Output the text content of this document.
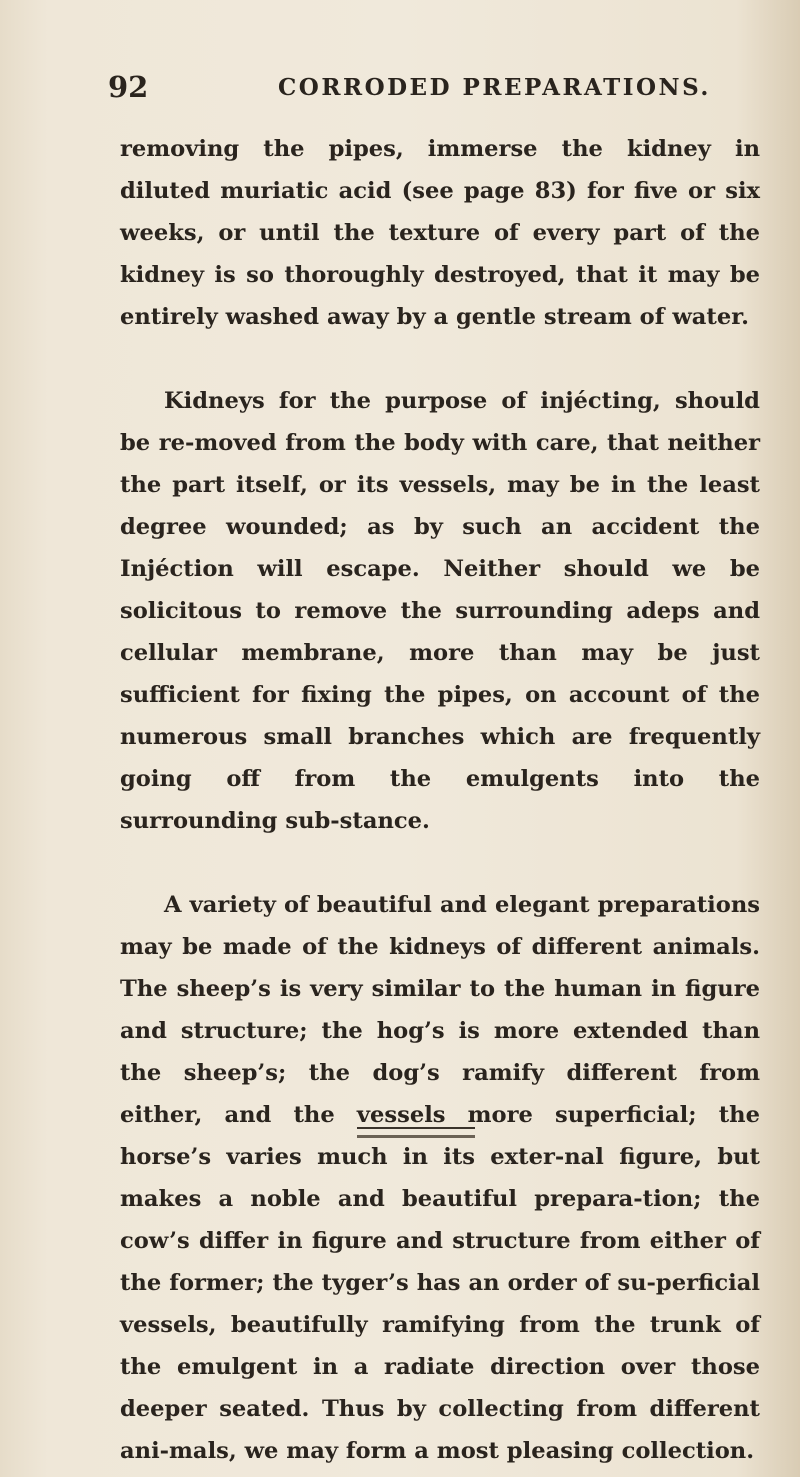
92	CORRODED PREPARATIONS.

removing the pipes, immerse the kidney in diluted muriatic acid (see page 83) for five or six weeks, or until the texture of every part of the kidney is so thoroughly destroyed, that it may be entirely washed away by a gentle stream of water.

Kidneys for the purpose of injécting, should be re-moved from the body with care, that neither the part itself, or its vessels, may be in the least degree wounded; as by such an accident the Injéction will escape. Neither should we be solicitous to remove the surrounding adeps and cellular membrane, more than may be just sufficient for fixing the pipes, on account of the numerous small branches which are frequently going off from the emulgents into the surrounding sub-stance.

A variety of beautiful and elegant preparations may be made of the kidneys of different animals. The sheep’s is very similar to the human in figure and structure; the hog’s is more extended than the sheep’s; the dog’s ramify different from either, and the vessels more superficial; the horse’s varies much in its exter-nal figure, but makes a noble and beautiful prepara-tion; the cow’s differ in figure and structure from either of the former; the tyger’s has an order of su-perficial vessels, beautifully ramifying from the trunk of the emulgent in a radiate direction over those deeper seated. Thus by collecting from different ani-mals, we may form a most pleasing collection.
